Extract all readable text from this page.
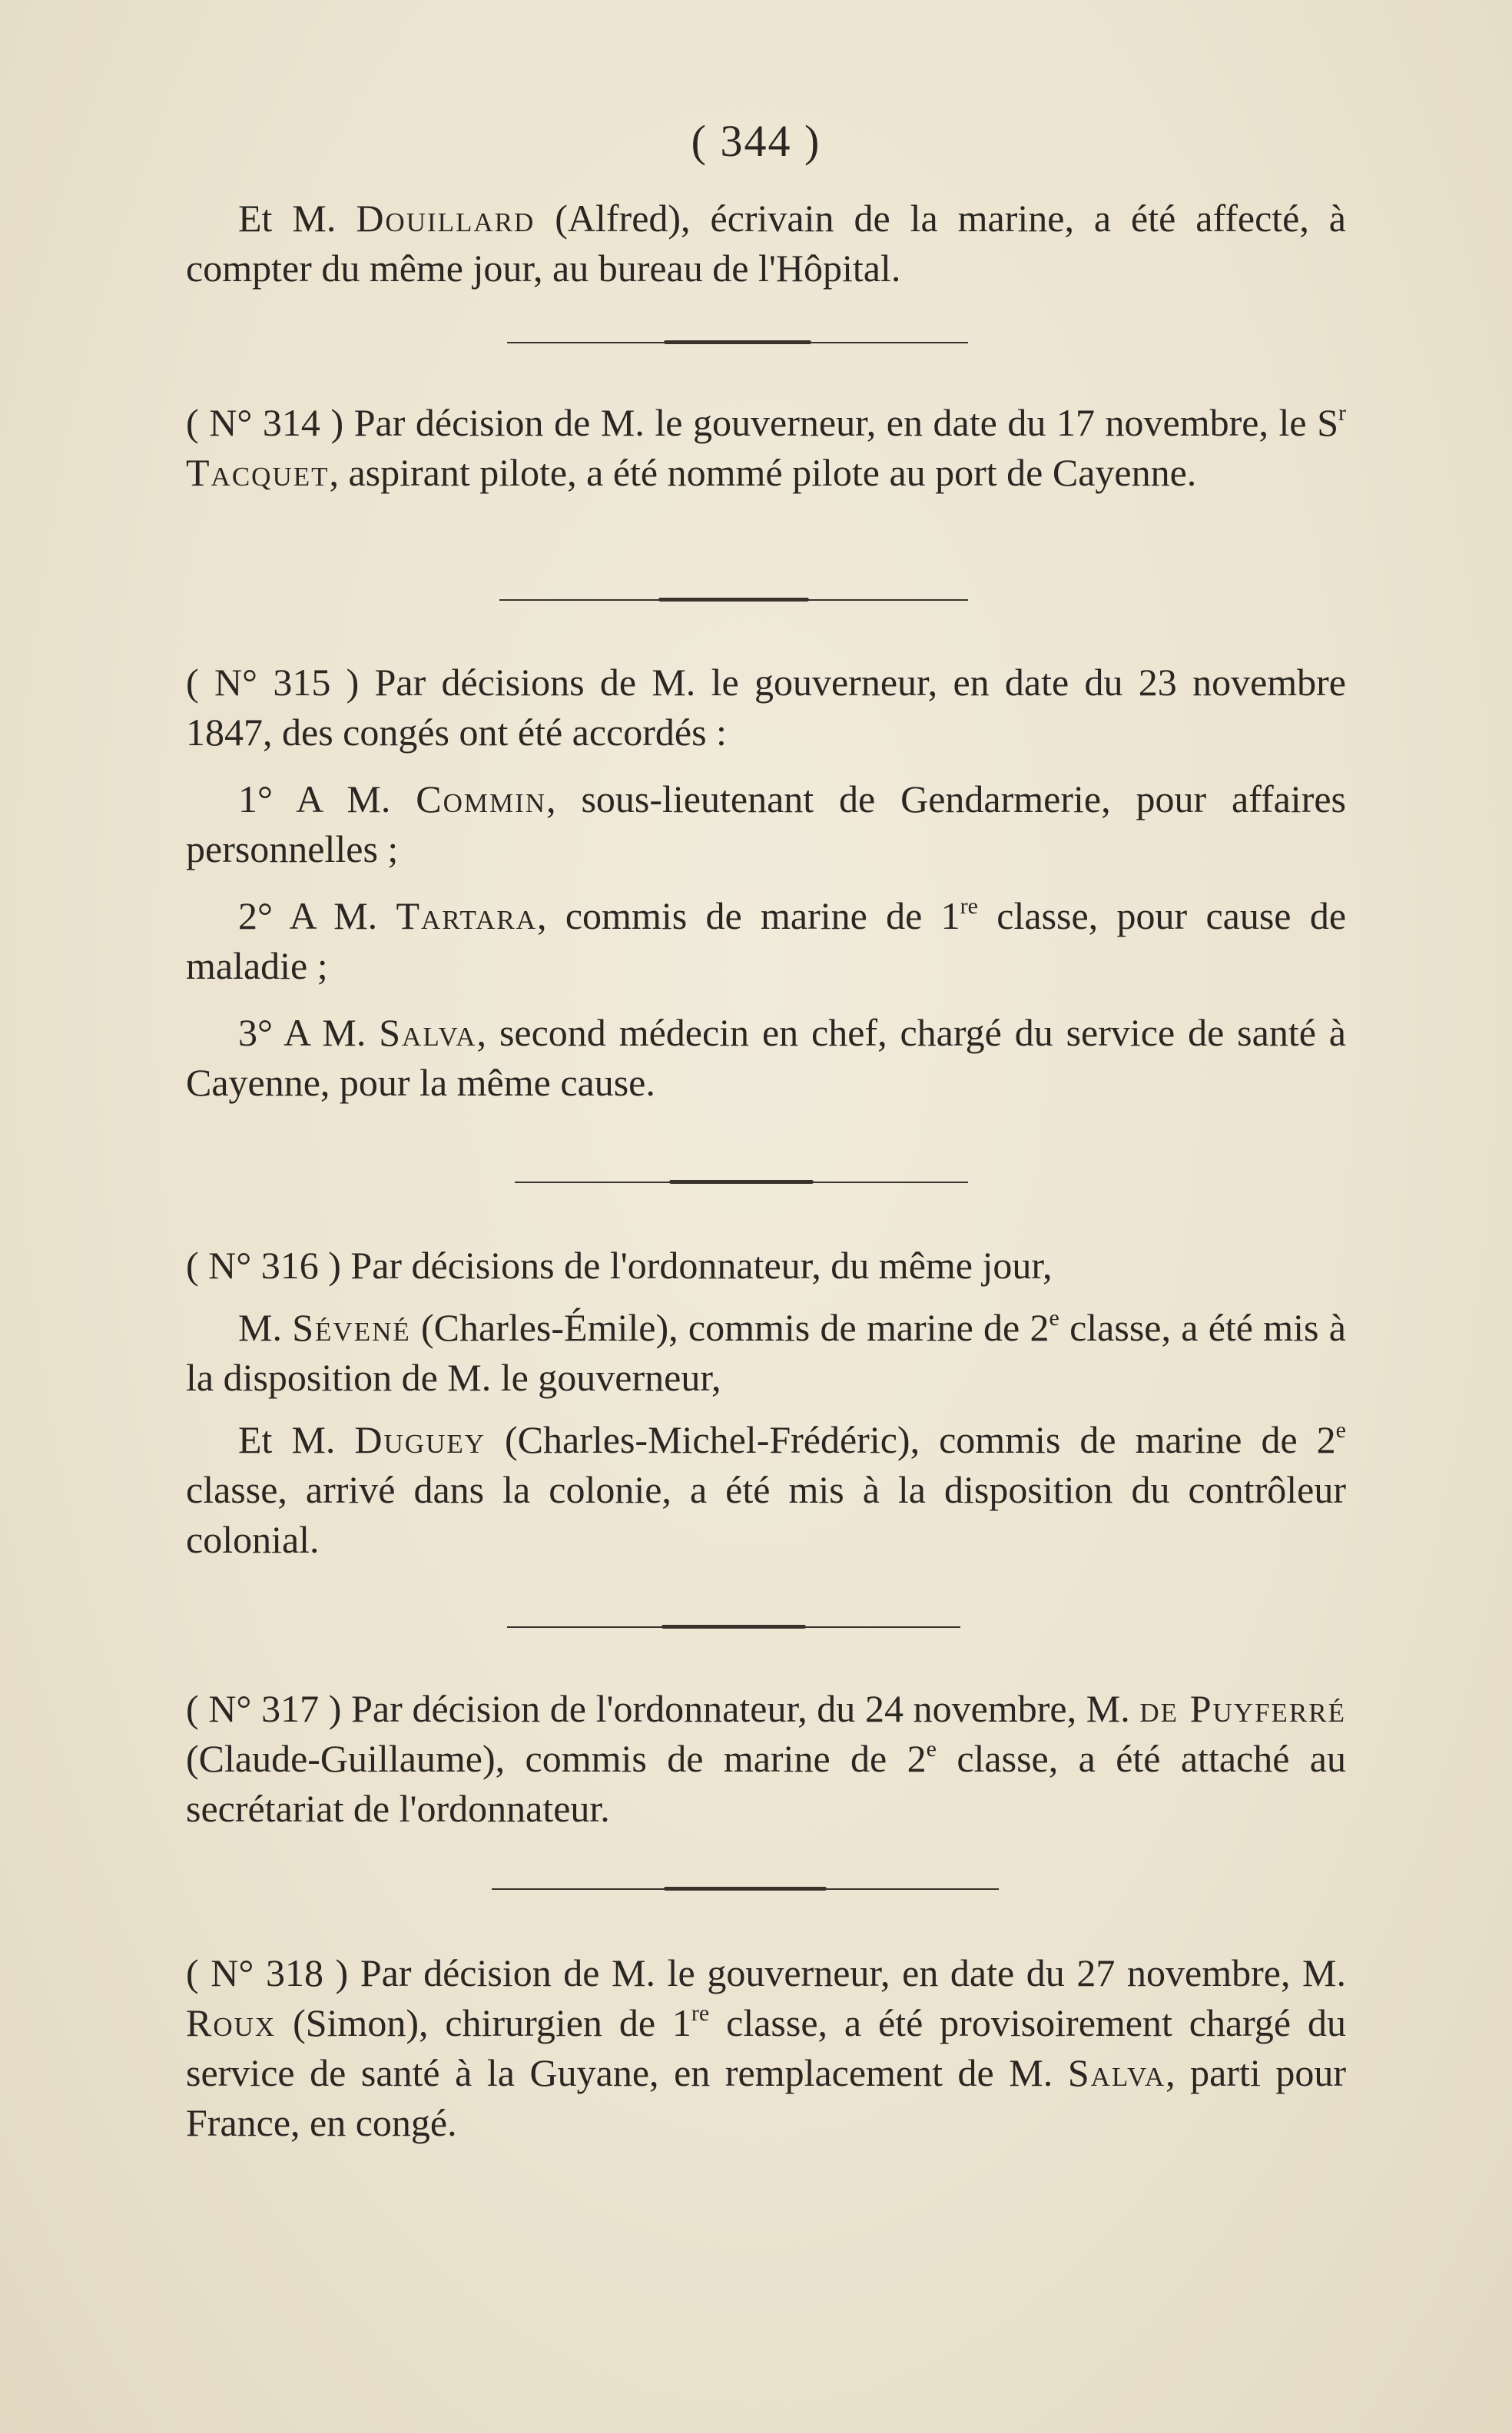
( 344 )

Et M. Douillard (Alfred), écrivain de la marine, a été affecté, à compter du même jour, au bureau de l'Hôpital.

( N° 314 ) Par décision de M. le gouverneur, en date du 17 novembre, le $S^r$ Tacquet, aspirant pilote, a été nommé pilote au port de Cayenne.

( N° 315 ) Par décisions de M. le gouverneur, en date du 23 novembre 1847, des congés ont été accordés :

1° A M. Commin, sous-lieutenant de Gendarmerie, pour affaires personnelles ;

2° A M. Tartara, commis de marine de 1re classe, pour cause de maladie ;

3° A M. Salva, second médecin en chef, chargé du service de santé à Cayenne, pour la même cause.

( N° 316 ) Par décisions de l'ordonnateur, du même jour,

M. Sévené (Charles-Émile), commis de marine de 2e classe, a été mis à la disposition de M. le gouverneur,

Et M. Duguey (Charles-Michel-Frédéric), commis de marine de 2e classe, arrivé dans la colonie, a été mis à la disposition du contrôleur colonial.

( N° 317 ) Par décision de l'ordonnateur, du 24 novembre, M. de Puyferré (Claude-Guillaume), commis de marine de 2e classe, a été attaché au secrétariat de l'ordonnateur.

( N° 318 ) Par décision de M. le gouverneur, en date du 27 novembre, M. Roux (Simon), chirurgien de 1re classe, a été provisoirement chargé du service de santé à la Guyane, en remplacement de M. Salva, parti pour France, en congé.
